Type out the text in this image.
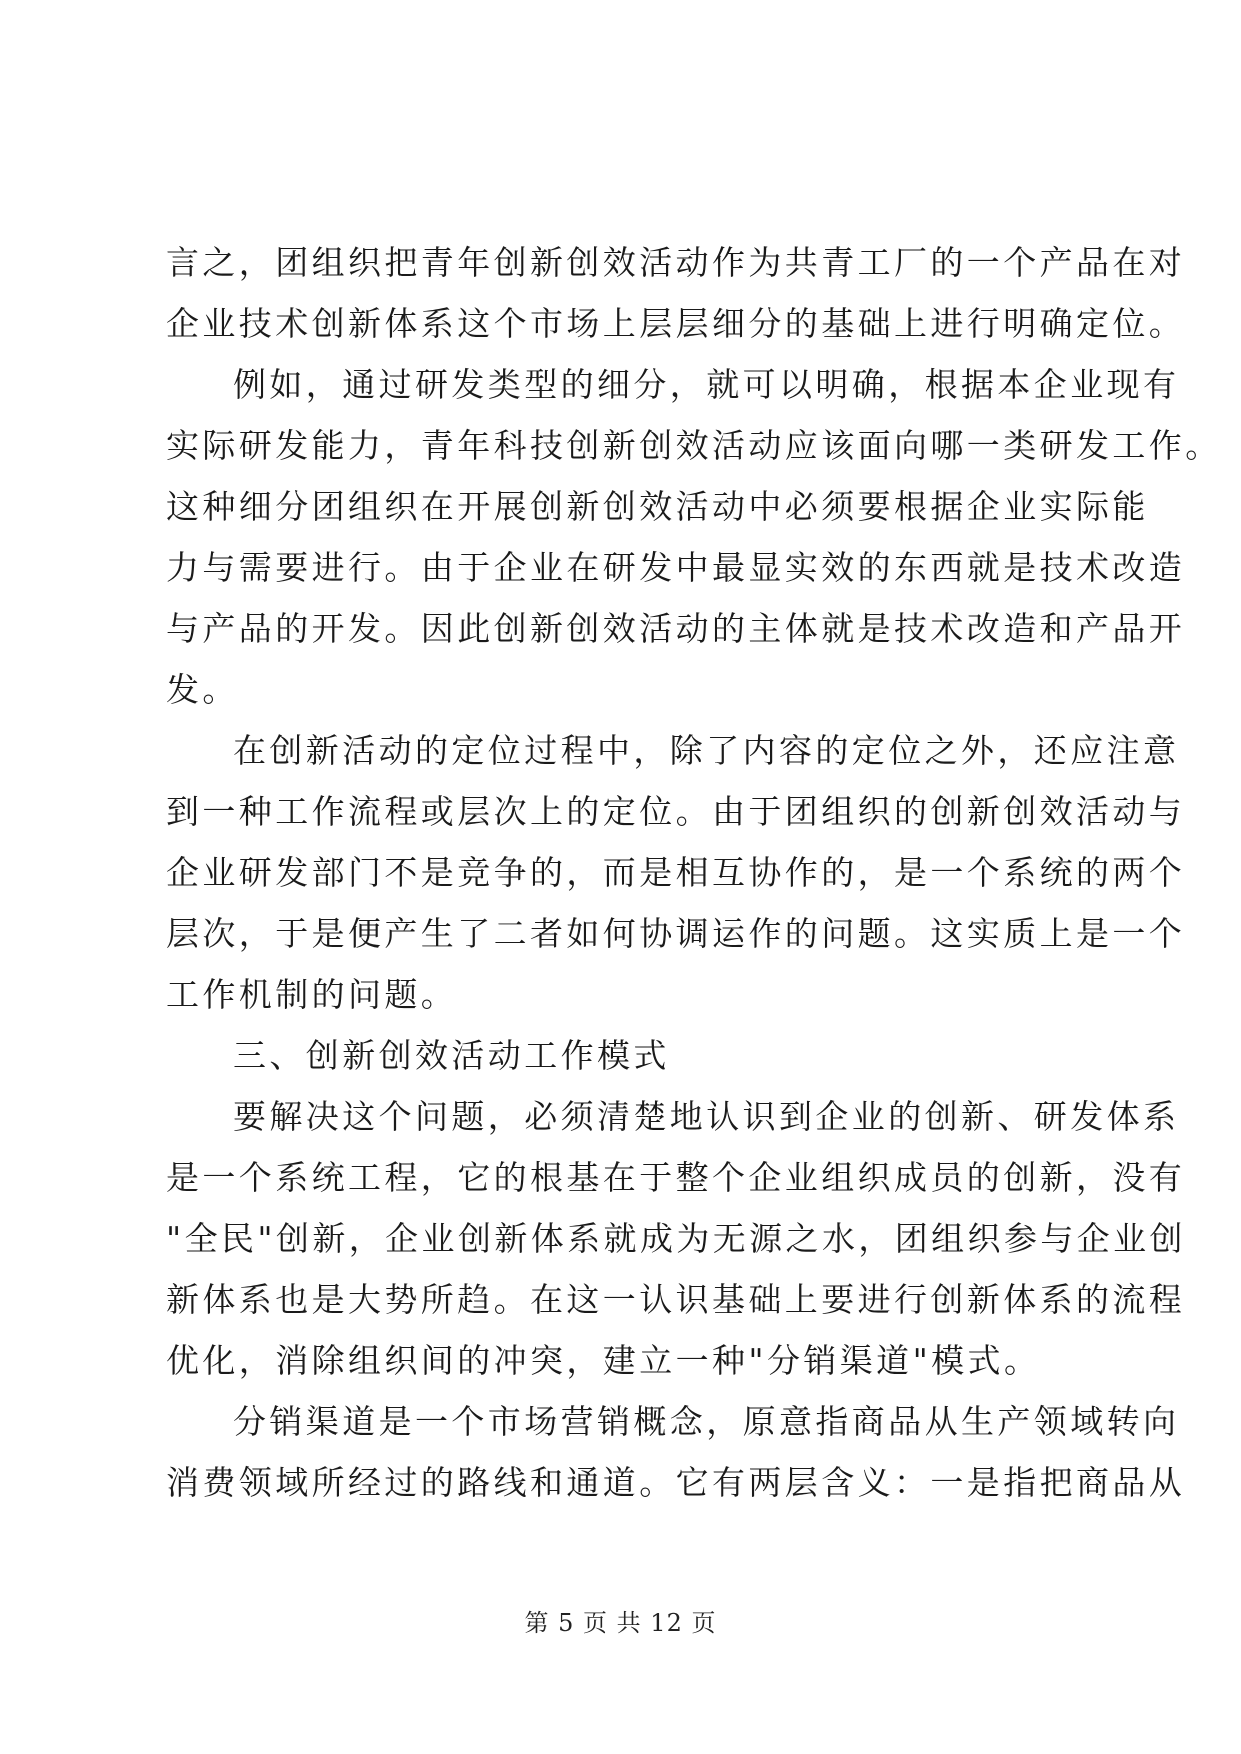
言之，团组织把青年创新创效活动作为共青工厂的一个产品在对
企业技术创新体系这个市场上层层细分的基础上进行明确定位。
例如，通过研发类型的细分，就可以明确，根据本企业现有
实际研发能力，青年科技创新创效活动应该面向哪一类研发工作。
这种细分团组织在开展创新创效活动中必须要根据企业实际能
力与需要进行。由于企业在研发中最显实效的东西就是技术改造
与产品的开发。因此创新创效活动的主体就是技术改造和产品开
发。
在创新活动的定位过程中，除了内容的定位之外，还应注意
到一种工作流程或层次上的定位。由于团组织的创新创效活动与
企业研发部门不是竞争的，而是相互协作的，是一个系统的两个
层次，于是便产生了二者如何协调运作的问题。这实质上是一个
工作机制的问题。
三、创新创效活动工作模式
要解决这个问题，必须清楚地认识到企业的创新、研发体系
是一个系统工程，它的根基在于整个企业组织成员的创新，没有
"全民"创新，企业创新体系就成为无源之水，团组织参与企业创
新体系也是大势所趋。在这一认识基础上要进行创新体系的流程
优化，消除组织间的冲突，建立一种"分销渠道"模式。
分销渠道是一个市场营销概念，原意指商品从生产领域转向
消费领域所经过的路线和通道。它有两层含义：一是指把商品从
第 5 页 共 12 页
